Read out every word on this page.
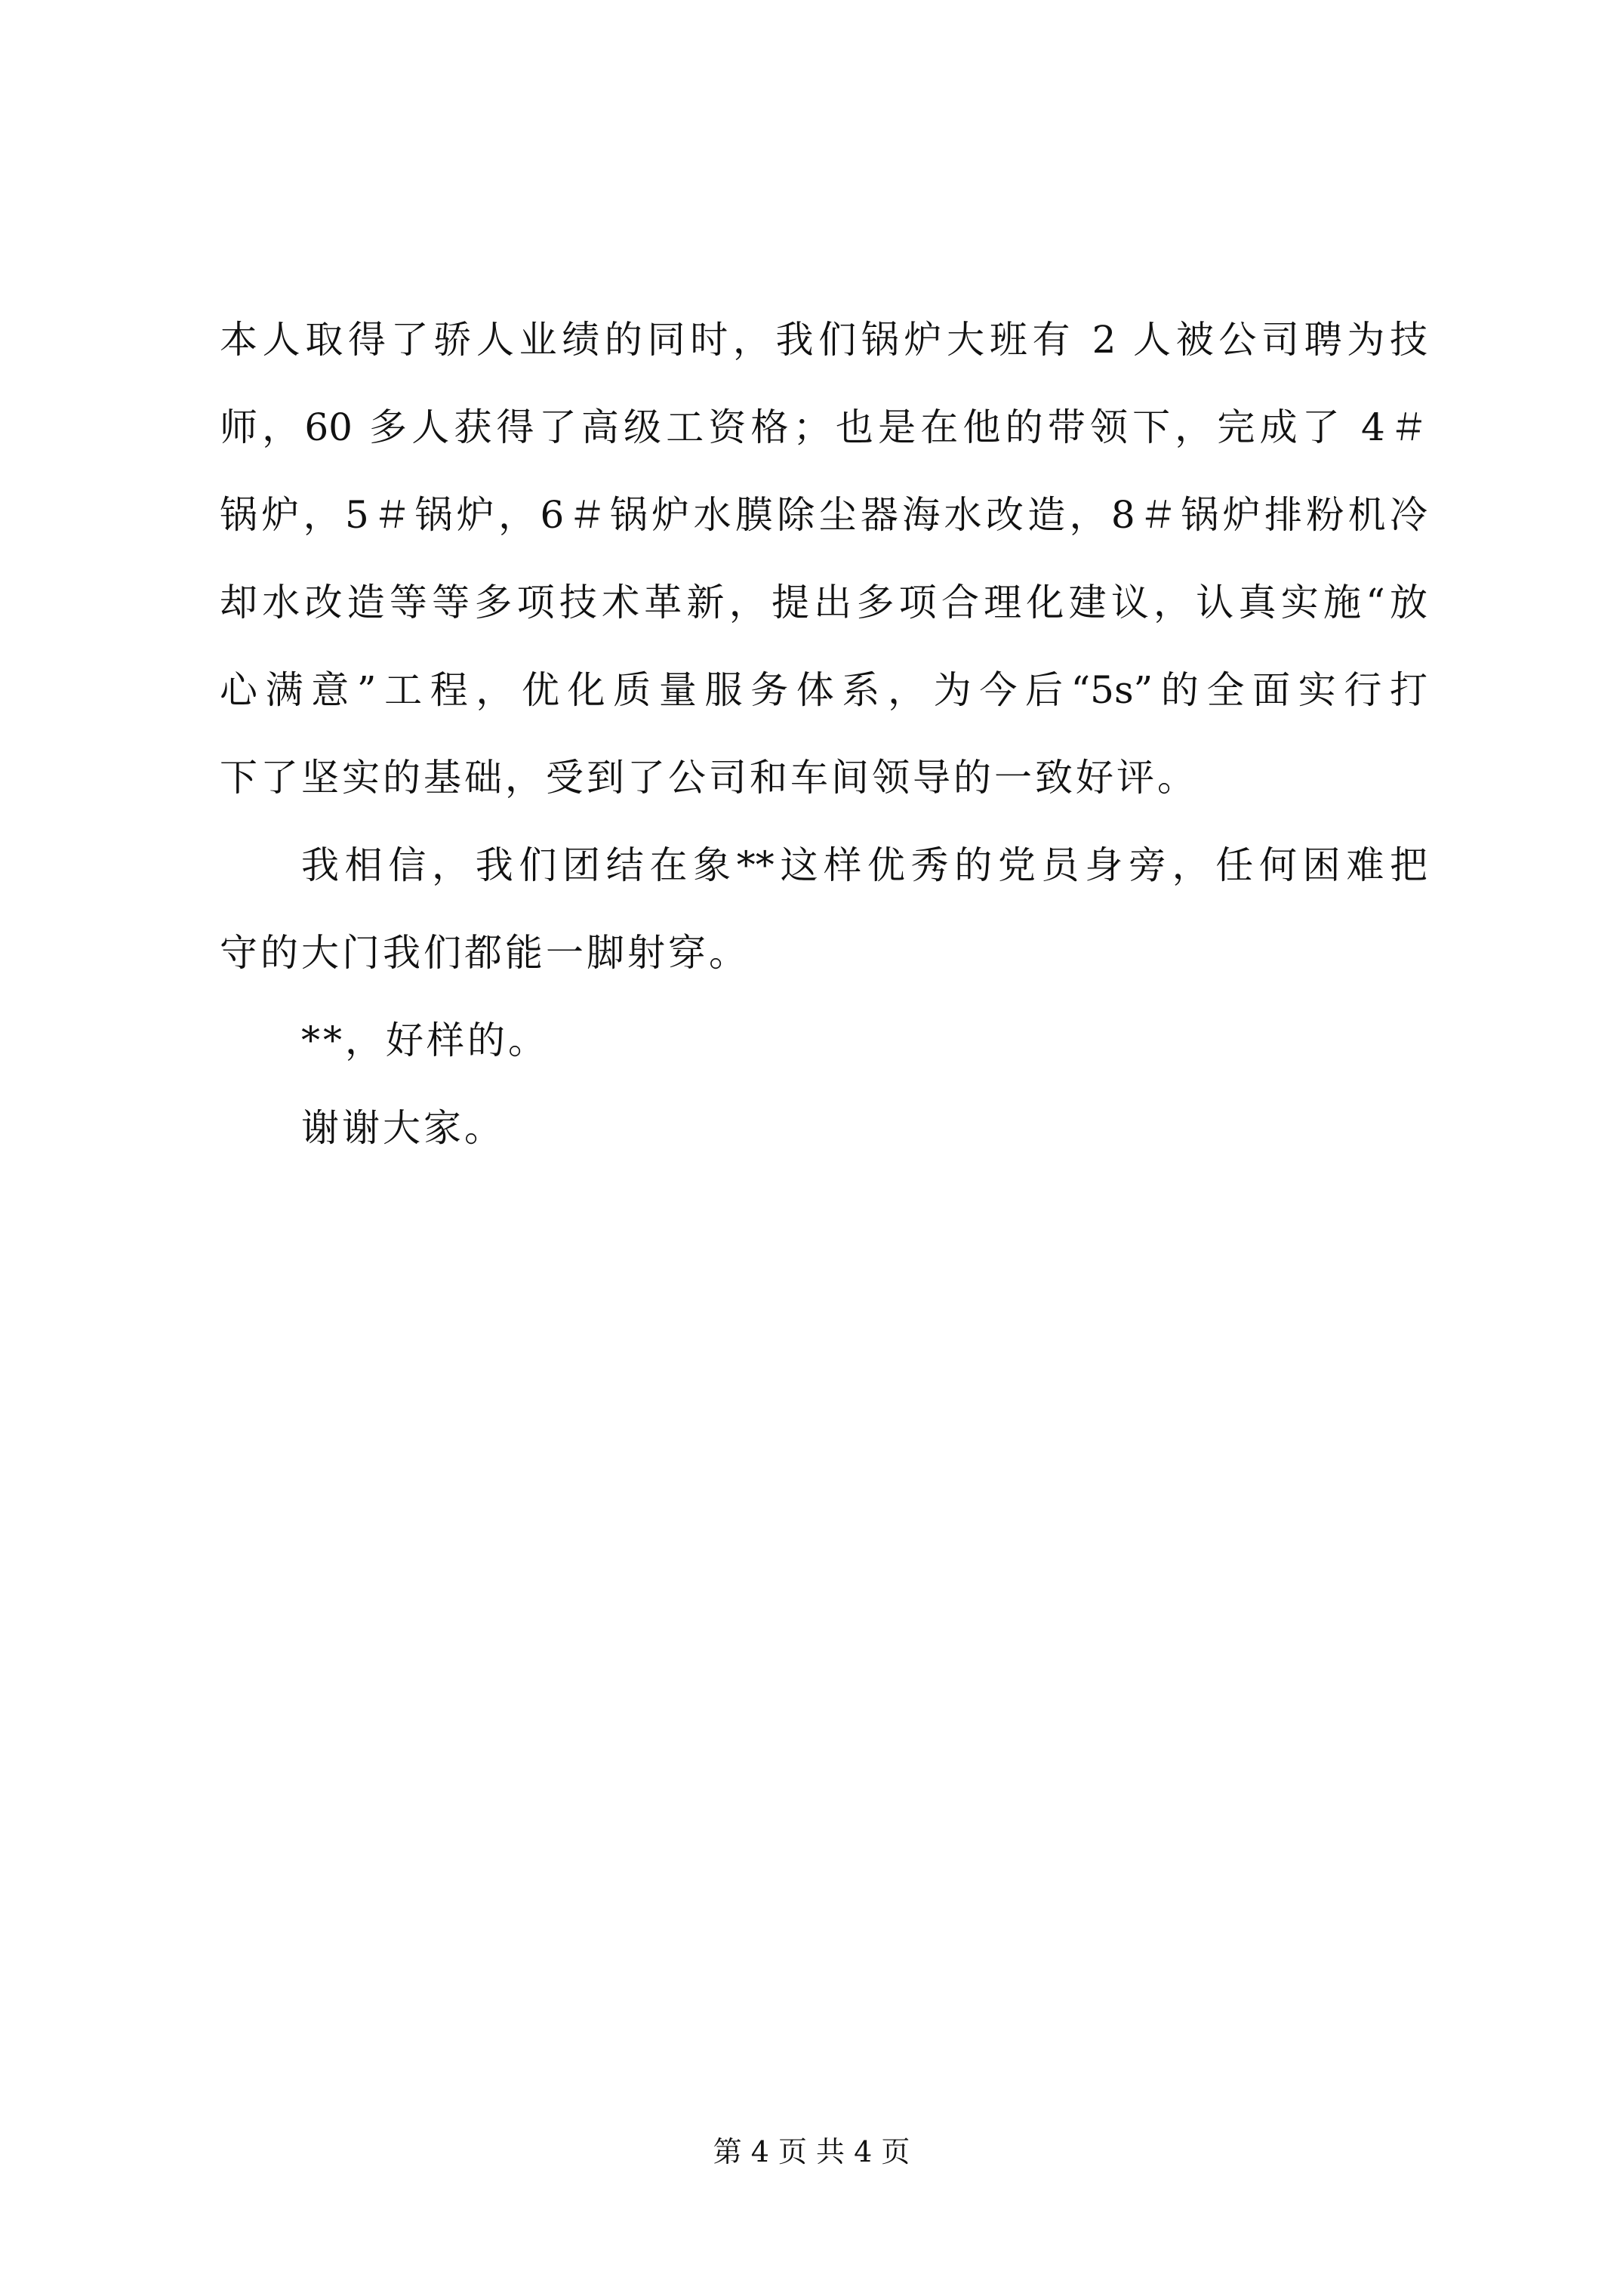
本人取得了骄人业绩的同时，我们锅炉大班有 2 人被公司聘为技
师，60 多人获得了高级工资格；也是在他的带领下，完成了 4＃
锅炉，5＃锅炉，6＃锅炉水膜除尘器海水改造，8＃锅炉排粉机冷
却水改造等等多项技术革新，提出多项合理化建议，认真实施“放
心满意”工程，优化质量服务体系，为今后“5s”的全面实行打
下了坚实的基础，受到了公司和车间领导的一致好评。
我相信，我们团结在象**这样优秀的党员身旁，任何困难把
守的大门我们都能一脚射穿。
**，好样的。
谢谢大家。
第 4 页 共 4 页
